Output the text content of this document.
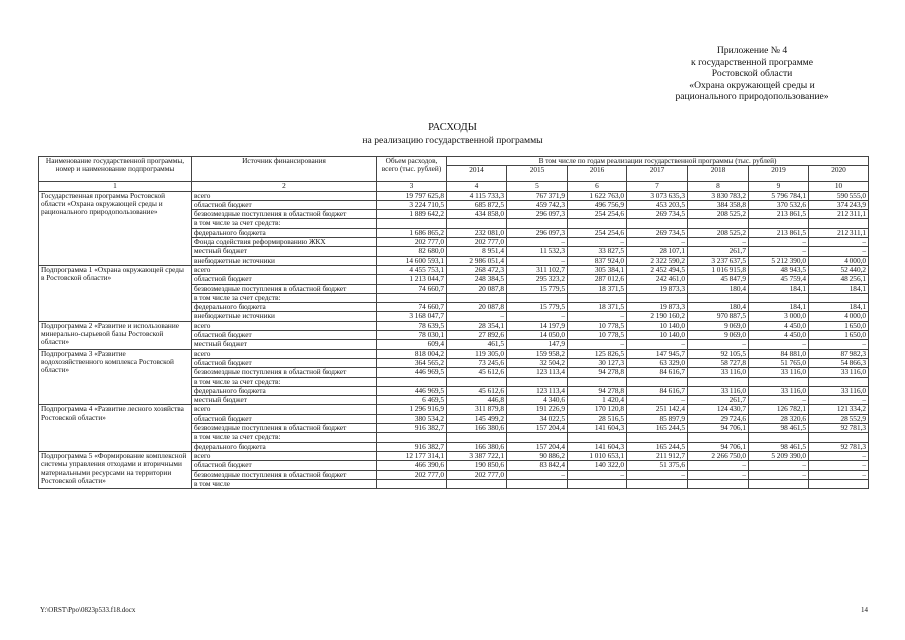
Приложение № 4
к государственной программе
Ростовской области
«Охрана окружающей среды и
рационального природопользование»
РАСХОДЫ
на реализацию государственной программы
Наименование государственной программы, номер и наименование подпрограммы	Источник финансирования	Объем расходов, всего (тыс. рублей)	В том числе по годам реализации государственной программы (тыс. рублей)						
			2014	2015	2016	2017	2018	2019	2020
1	2	3	4	5	6	7	8	9	10
Государственная программа Ростовской области «Охрана окружающей среды и рационального природопользование»	всего	19 797 625,8	4 115 733,3	767 371,9	1 622 763,0	3 073 635,3	3 830 783,2	5 796 784,1	590 555,0
	областной бюджет	3 224 710,5	685 872,5	459 742,3	496 756,9	453 203,5	384 358,8	370 532,6	374 243,9
	безвозмездные поступления в областной бюджет	1 889 642,2	434 858,0	296 097,3	254 254,6	269 734,5	208 525,2	213 861,5	212 311,1
	в том числе за счет средств:								
	федерального бюджета	1 686 865,2	232 081,0	296 097,3	254 254,6	269 734,5	208 525,2	213 861,5	212 311,1
	Фонда содействия реформированию ЖКХ	202 777,0	202 777,0	–	–	–	–	–	–
	местный бюджет	82 680,0	8 951,4	11 532,3	33 827,5	28 107,1	261,7	–	–
	внебюджетные источники	14 600 593,1	2 986 051,4	–	837 924,0	2 322 590,2	3 237 637,5	5 212 390,0	4 000,0
Подпрограмма 1 «Охрана окружающей среды в Ростовской области»	всего	4 455 753,1	268 472,3	311 102,7	305 384,1	2 452 494,5	1 016 915,8	48 943,5	52 440,2
	областной бюджет	1 213 044,7	248 384,5	295 323,2	287 012,6	242 461,0	45 847,9	45 759,4	48 256,1
	безвозмездные поступления в областной бюджет	74 660,7	20 087,8	15 779,5	18 371,5	19 873,3	180,4	184,1	184,1
	в том числе за счет средств:								
	федерального бюджета	74 660,7	20 087,8	15 779,5	18 371,5	19 873,3	180,4	184,1	184,1
	внебюджетные источники	3 168 047,7	–	–	–	2 190 160,2	970 887,5	3 000,0	4 000,0
Подпрограмма 2 «Развитие и использование минерально-сырьевой базы Ростовской области»	всего	78 639,5	28 354,1	14 197,9	10 778,5	10 140,0	9 069,0	4 450,0	1 650,0
	областной бюджет	78 030,1	27 892,6	14 050,0	10 778,5	10 140,0	9 069,0	4 450,0	1 650,0
	местный бюджет	609,4	461,5	147,9	–	–	–	–	–
Подпрограмма 3 «Развитие водохозяйственного комплекса Ростовской области»	всего	818 004,2	119 305,0	159 958,2	125 826,5	147 945,7	92 105,5	84 881,0	87 982,3
	областной бюджет	364 565,2	73 245,6	32 504,2	30 127,3	63 329,0	58 727,8	51 765,0	54 866,3
	безвозмездные поступления в областной бюджет	446 969,5	45 612,6	123 113,4	94 278,8	84 616,7	33 116,0	33 116,0	33 116,0
	в том числе за счет средств:								
	федерального бюджета	446 969,5	45 612,6	123 113,4	94 278,8	84 616,7	33 116,0	33 116,0	33 116,0
	местный бюджет	6 469,5	446,8	4 340,6	1 420,4	–	261,7	–	–
Подпрограмма 4 «Развитие лесного хозяйства Ростовской области»	всего	1 296 916,9	311 879,8	191 226,9	170 120,8	251 142,4	124 430,7	126 782,1	121 334,2
	областной бюджет	380 534,2	145 499,2	34 022,5	28 516,5	85 897,9	29 724,6	28 320,6	28 552,9
	безвозмездные поступления в областной бюджет	916 382,7	166 380,6	157 204,4	141 604,3	165 244,5	94 706,1	98 461,5	92 781,3
	в том числе за счет средств:								
	федерального бюджета	916 382,7	166 380,6	157 204,4	141 604,3	165 244,5	94 706,1	98 461,5	92 781,3
Подпрограмма 5 «Формирование комплексной системы управления отходами и вторичными материальными ресурсами на территории Ростовской области»	всего	12 177 314,1	3 387 722,1	90 886,2	1 010 653,1	211 912,7	2 266 750,0	5 209 390,0	–
	областной бюджет	466 390,6	190 850,6	83 842,4	140 322,0	51 375,6	–	–	–
	безвозмездные поступления в областной бюджет	202 777,0	202 777,0	–	–	–	–	–	–
	в том числе								
Y:\ORST\Ppo\0823p533.f18.docx	14
